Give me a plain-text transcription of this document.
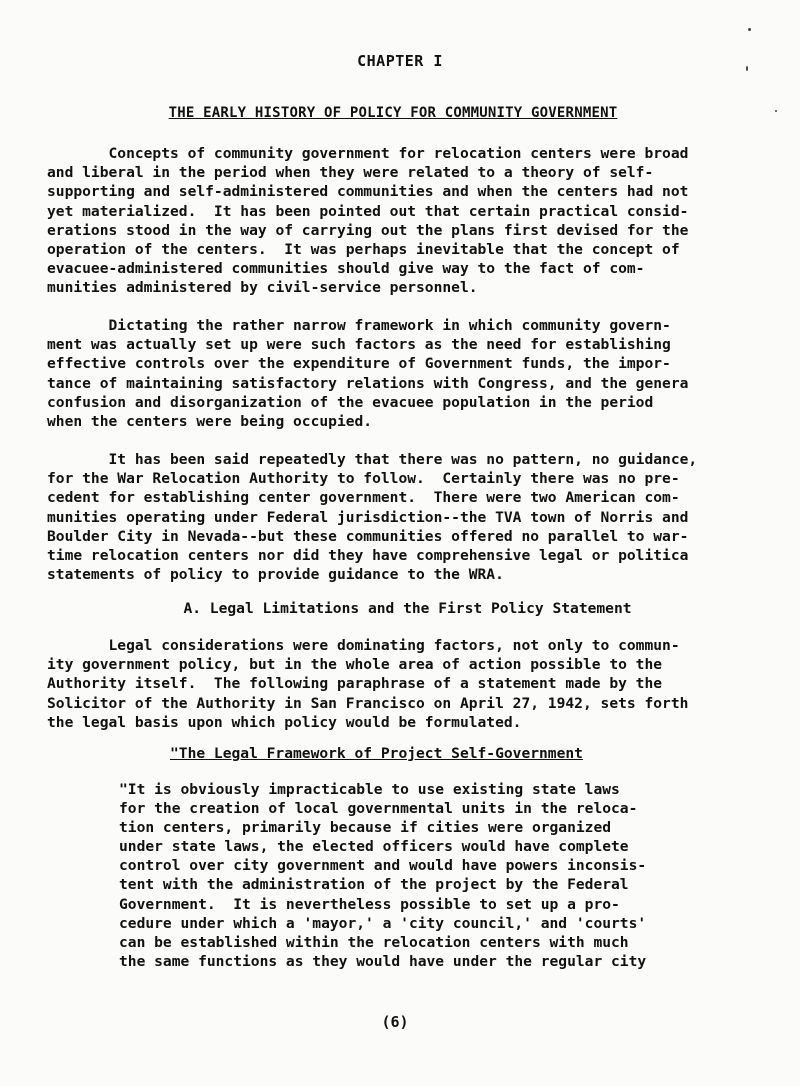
CHAPTER I
THE EARLY HISTORY OF POLICY FOR COMMUNITY GOVERNMENT
Concepts of community government for relocation centers were broad
and liberal in the period when they were related to a theory of self-
supporting and self-administered communities and when the centers had not
yet materialized.  It has been pointed out that certain practical consid-
erations stood in the way of carrying out the plans first devised for the
operation of the centers.  It was perhaps inevitable that the concept of
evacuee-administered communities should give way to the fact of com-
munities administered by civil-service personnel.
Dictating the rather narrow framework in which community govern-
ment was actually set up were such factors as the need for establishing
effective controls over the expenditure of Government funds, the impor-
tance of maintaining satisfactory relations with Congress, and the genera
confusion and disorganization of the evacuee population in the period
when the centers were being occupied.
It has been said repeatedly that there was no pattern, no guidance,
for the War Relocation Authority to follow.  Certainly there was no pre-
cedent for establishing center government.  There were two American com-
munities operating under Federal jurisdiction--the TVA town of Norris and
Boulder City in Nevada--but these communities offered no parallel to war-
time relocation centers nor did they have comprehensive legal or politica
statements of policy to provide guidance to the WRA.
A. Legal Limitations and the First Policy Statement
Legal considerations were dominating factors, not only to commun-
ity government policy, but in the whole area of action possible to the
Authority itself.  The following paraphrase of a statement made by the
Solicitor of the Authority in San Francisco on April 27, 1942, sets forth
the legal basis upon which policy would be formulated.
"The Legal Framework of Project Self-Government
"It is obviously impracticable to use existing state laws
for the creation of local governmental units in the reloca-
tion centers, primarily because if cities were organized
under state laws, the elected officers would have complete
control over city government and would have powers inconsis-
tent with the administration of the project by the Federal
Government.  It is nevertheless possible to set up a pro-
cedure under which a 'mayor,' a 'city council,' and 'courts'
can be established within the relocation centers with much
the same functions as they would have under the regular city
(6)
